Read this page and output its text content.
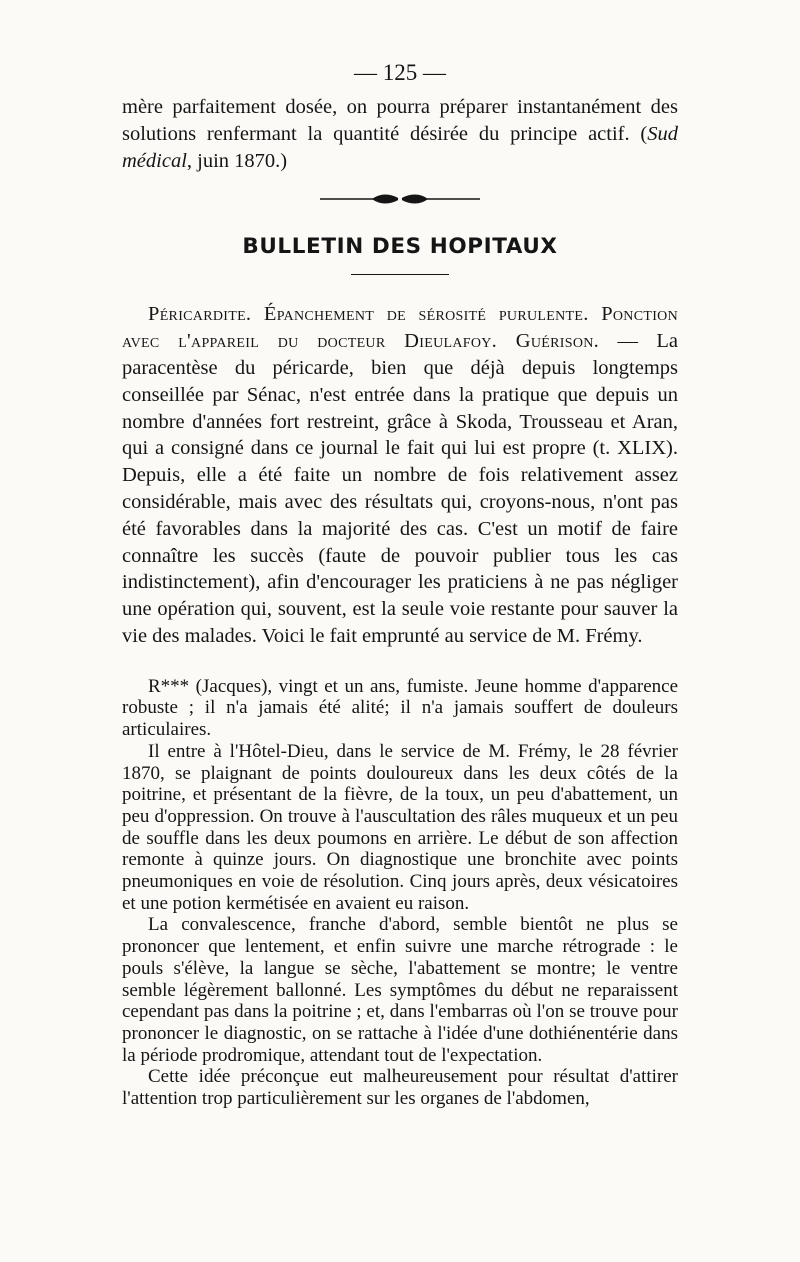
— 125 —

mère parfaitement dosée, on pourra préparer instantanément des solutions renfermant la quantité désirée du principe actif. (Sud médical, juin 1870.)

BULLETIN DES HOPITAUX

Péricardite. Épanchement de sérosité purulente. Ponction avec l'appareil du docteur Dieulafoy. Guérison. — La paracentèse du péricarde, bien que déjà depuis longtemps conseillée par Sénac, n'est entrée dans la pratique que depuis un nombre d'années fort restreint, grâce à Skoda, Trousseau et Aran, qui a consigné dans ce journal le fait qui lui est propre (t. XLIX). Depuis, elle a été faite un nombre de fois relativement assez considérable, mais avec des résultats qui, croyons-nous, n'ont pas été favorables dans la majorité des cas. C'est un motif de faire connaître les succès (faute de pouvoir publier tous les cas indistinctement), afin d'encourager les praticiens à ne pas négliger une opération qui, souvent, est la seule voie restante pour sauver la vie des malades. Voici le fait emprunté au service de M. Frémy.

R*** (Jacques), vingt et un ans, fumiste. Jeune homme d'apparence robuste ; il n'a jamais été alité; il n'a jamais souffert de douleurs articulaires.

Il entre à l'Hôtel-Dieu, dans le service de M. Frémy, le 28 février 1870, se plaignant de points douloureux dans les deux côtés de la poitrine, et présentant de la fièvre, de la toux, un peu d'abattement, un peu d'oppression. On trouve à l'auscultation des râles muqueux et un peu de souffle dans les deux poumons en arrière. Le début de son affection remonte à quinze jours. On diagnostique une bronchite avec points pneumoniques en voie de résolution. Cinq jours après, deux vésicatoires et une potion kermétisée en avaient eu raison.

La convalescence, franche d'abord, semble bientôt ne plus se prononcer que lentement, et enfin suivre une marche rétrograde : le pouls s'élève, la langue se sèche, l'abattement se montre; le ventre semble légèrement ballonné. Les symptômes du début ne reparaissent cependant pas dans la poitrine ; et, dans l'embarras où l'on se trouve pour prononcer le diagnostic, on se rattache à l'idée d'une dothiénentérie dans la période prodromique, attendant tout de l'expectation.

Cette idée préconçue eut malheureusement pour résultat d'attirer l'attention trop particulièrement sur les organes de l'abdomen,
